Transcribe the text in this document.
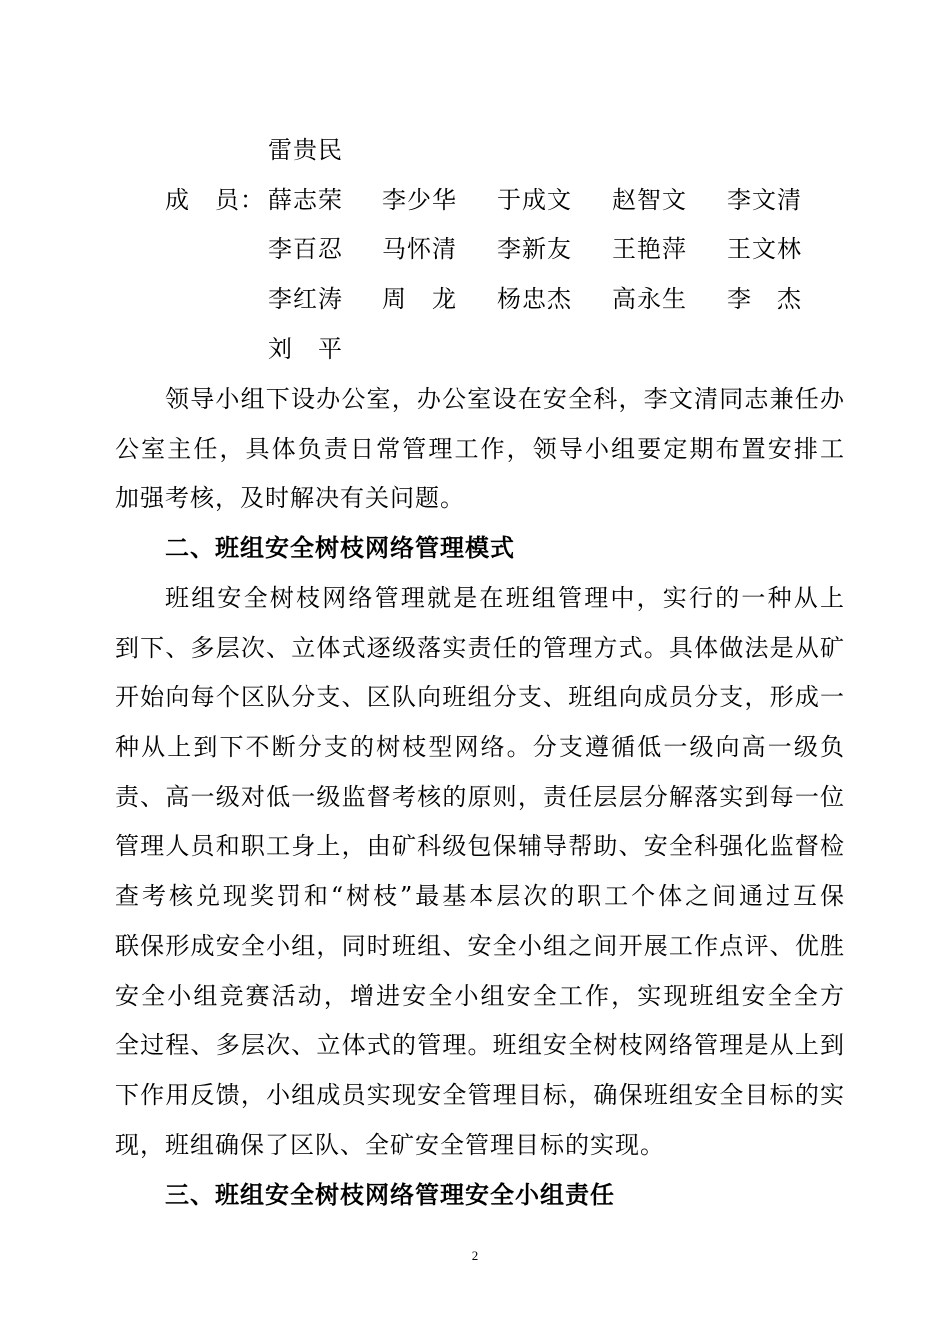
雷贵民
成　员： 薛志荣 李少华 于成文 赵智文 李文清
李百忍 马怀清 李新友 王艳萍 王文林
李红涛 周　龙 杨忠杰 高永生 李　杰
刘　平
领导小组下设办公室，办公室设在安全科，李文清同志兼任办
公室主任，具体负责日常管理工作，领导小组要定期布置安排工
加强考核，及时解决有关问题。
二、班组安全树枝网络管理模式
班组安全树枝网络管理就是在班组管理中，实行的一种从上
到下、多层次、立体式逐级落实责任的管理方式。具体做法是从矿
开始向每个区队分支、区队向班组分支、班组向成员分支，形成一
种从上到下不断分支的树枝型网络。分支遵循低一级向高一级负
责、高一级对低一级监督考核的原则，责任层层分解落实到每一位
管理人员和职工身上，由矿科级包保辅导帮助、安全科强化监督检
查考核兑现奖罚和“树枝”最基本层次的职工个体之间通过互保
联保形成安全小组，同时班组、安全小组之间开展工作点评、优胜
安全小组竞赛活动，增进安全小组安全工作，实现班组安全全方
全过程、多层次、立体式的管理。班组安全树枝网络管理是从上到
下作用反馈，小组成员实现安全管理目标，确保班组安全目标的实
现，班组确保了区队、全矿安全管理目标的实现。
三、班组安全树枝网络管理安全小组责任
2
